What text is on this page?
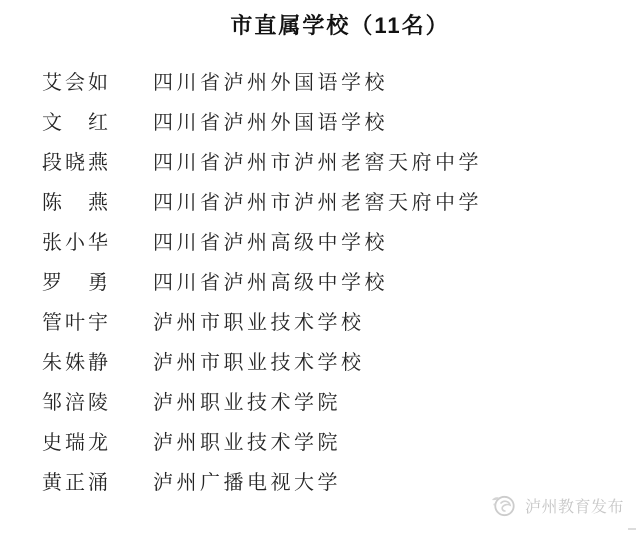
市直属学校（11名）
艾会如 四川省泸州外国语学校
文　红 四川省泸州外国语学校
段晓燕 四川省泸州市泸州老窖天府中学
陈　燕 四川省泸州市泸州老窖天府中学
张小华 四川省泸州高级中学校
罗　勇 四川省泸州高级中学校
管叶宇 泸州市职业技术学校
朱姝静 泸州市职业技术学校
邹涪陵 泸州职业技术学院
史瑞龙 泸州职业技术学院
黄正涌 泸州广播电视大学
泸州教育发布
